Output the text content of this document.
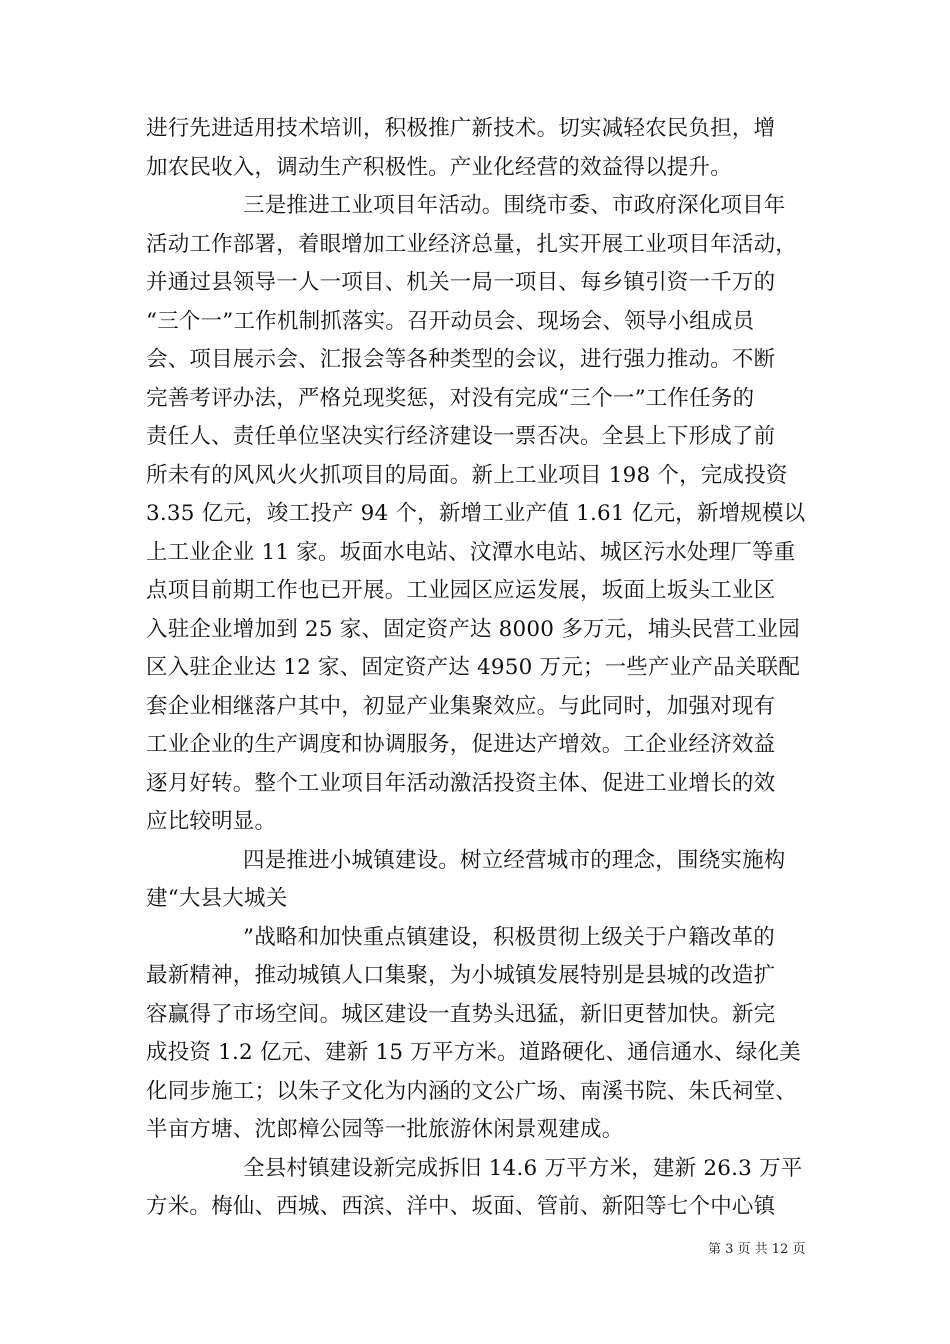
进行先进适用技术培训，积极推广新技术。切实减轻农民负担，增
加农民收入，调动生产积极性。产业化经营的效益得以提升。
三是推进工业项目年活动。围绕市委、市政府深化项目年
活动工作部署，着眼增加工业经济总量，扎实开展工业项目年活动，
并通过县领导一人一项目、机关一局一项目、每乡镇引资一千万的
“三个一”工作机制抓落实。召开动员会、现场会、领导小组成员
会、项目展示会、汇报会等各种类型的会议，进行强力推动。不断
完善考评办法，严格兑现奖惩，对没有完成“三个一”工作任务的
责任人、责任单位坚决实行经济建设一票否决。全县上下形成了前
所未有的风风火火抓项目的局面。新上工业项目 198 个，完成投资
3.35 亿元，竣工投产 94 个，新增工业产值 1.61 亿元，新增规模以
上工业企业 11 家。坂面水电站、汶潭水电站、城区污水处理厂等重
点项目前期工作也已开展。工业园区应运发展，坂面上坂头工业区
入驻企业增加到 25 家、固定资产达 8000 多万元，埔头民营工业园
区入驻企业达 12 家、固定资产达 4950 万元；一些产业产品关联配
套企业相继落户其中，初显产业集聚效应。与此同时，加强对现有
工业企业的生产调度和协调服务，促进达产增效。工企业经济效益
逐月好转。整个工业项目年活动激活投资主体、促进工业增长的效
应比较明显。
四是推进小城镇建设。树立经营城市的理念，围绕实施构
建“大县大城关
”战略和加快重点镇建设，积极贯彻上级关于户籍改革的
最新精神，推动城镇人口集聚，为小城镇发展特别是县城的改造扩
容赢得了市场空间。城区建设一直势头迅猛，新旧更替加快。新完
成投资 1.2 亿元、建新 15 万平方米。道路硬化、通信通水、绿化美
化同步施工；以朱子文化为内涵的文公广场、南溪书院、朱氏祠堂、
半亩方塘、沈郎樟公园等一批旅游休闲景观建成。
全县村镇建设新完成拆旧 14.6 万平方米，建新 26.3 万平
方米。梅仙、西城、西滨、洋中、坂面、管前、新阳等七个中心镇
第 3 页 共 12 页
